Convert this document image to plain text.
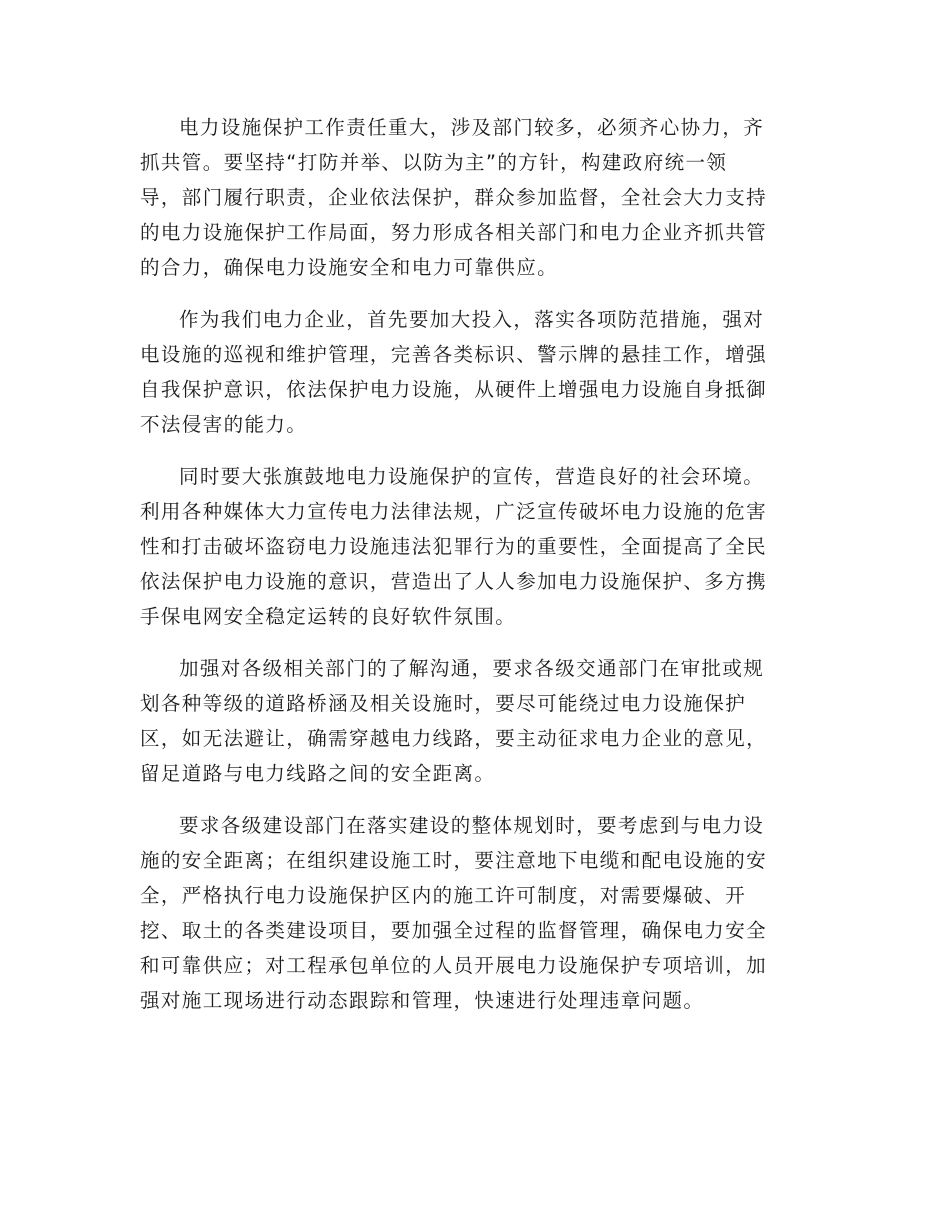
电力设施保护工作责任重大，涉及部门较多，必须齐心协力，齐
抓共管。要坚持“打防并举、以防为主”的方针，构建政府统一领
导，部门履行职责，企业依法保护，群众参加监督，全社会大力支持
的电力设施保护工作局面，努力形成各相关部门和电力企业齐抓共管
的合力，确保电力设施安全和电力可靠供应。

作为我们电力企业，首先要加大投入，落实各项防范措施，强对
电设施的巡视和维护管理，完善各类标识、警示牌的悬挂工作，增强
自我保护意识，依法保护电力设施，从硬件上增强电力设施自身抵御
不法侵害的能力。

同时要大张旗鼓地电力设施保护的宣传，营造良好的社会环境。
利用各种媒体大力宣传电力法律法规，广泛宣传破坏电力设施的危害
性和打击破坏盗窃电力设施违法犯罪行为的重要性，全面提高了全民
依法保护电力设施的意识，营造出了人人参加电力设施保护、多方携
手保电网安全稳定运转的良好软件氛围。

加强对各级相关部门的了解沟通，要求各级交通部门在审批或规
划各种等级的道路桥涵及相关设施时，要尽可能绕过电力设施保护
区，如无法避让，确需穿越电力线路，要主动征求电力企业的意见，
留足道路与电力线路之间的安全距离。

要求各级建设部门在落实建设的整体规划时，要考虑到与电力设
施的安全距离；在组织建设施工时，要注意地下电缆和配电设施的安
全，严格执行电力设施保护区内的施工许可制度，对需要爆破、开
挖、取土的各类建设项目，要加强全过程的监督管理，确保电力安全
和可靠供应；对工程承包单位的人员开展电力设施保护专项培训，加
强对施工现场进行动态跟踪和管理，快速进行处理违章问题。
